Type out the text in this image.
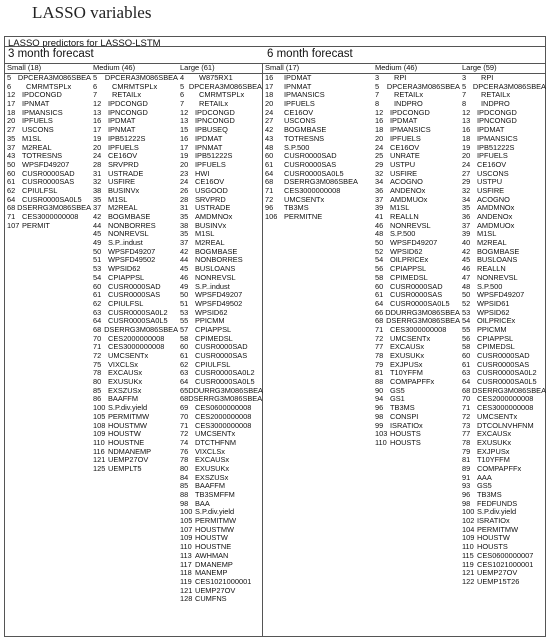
LASSO variables
LASSO predictors for LASSO-LSTM
3 month forecast	6 month forecast
Small (18)
5 DPCERA3M086SBEA
6	CMRMTSPLx
12 IPDCONGD
17 IPNMAT
18 IPMANSICS
20 IPFUELS
27 USCONS
35 M1SL
37 M2REAL
43 TOTRESNS
50 WPSFD49207
60 CUSR0000SAD
61 CUSR0000SAS
62 CPIULFSL
64 CUSR0000SA0L5
68 DSERRG3M086SBEA
71 CES3000000008
107 PERMIT
Medium (46)
5	DPCERA3M086SBEA
6	CMRMTSPLx
7	RETAILx
12 IPDCONGD
13 IPNCONGD
16 IPDMAT
17 IPNMAT
19 IPB51222S
20 IPFUELS
24 CE16OV
28 SRVPRD
31 USTRADE
32 USFIRE
38 BUSINVx
35 M1SL
37 M2REAL
42 BOGMBASE
44 NONBORRES
45 NONREVSL
49 S.P..indust
50 WPSFD49207
51 WPSFD49502
53 WPSID62
54 CPIAPPSL
60 CUSR0000SAD
61 CUSR0000SAS
62 CPIULFSL
63 CUSR0000SA0L2
64 CUSR0000SA0L5
68 DSERRG3M086SBEA
70 CES2000000008
71 CES3000000008
72 UMCSENTx
75 VIXCLSx
78 EXCAUSx
80 EXUSUKx
85 EXSZUSx
86 BAAFFM
100 S.P.div.yield
105 PERMITMW
108 HOUSTMW
109 HOUSTW
110 HOUSTNE
116 NDMANEMP
121 UEMP27OV
125 UEMPLT5
Large (61)
4	W875RX1
5 DPCERA3M086SBEA
6	CMRMTSPLx
7	RETAILx
12 IPDCONGD
13 IPNCONGD
15 IPBUSEQ
16 IPDMAT
17 IPNMAT
19 IPB51222S
20 IPFUELS
23 HWI
24 CE16OV
26 USGOOD
28 SRVPRD
31 USTRADE
35 AMDMNOx
38 BUSINVx
35 M1SL
37 M2REAL
42 BOGMBASE
44 NONBORRES
45 BUSLOANS
46 NONREVSL
49 S.P..indust
50 WPSFD49207
51 WPSFD49502
53 WPSID62
55 PPICMM
57 CPIAPPSL
58 CPIMEDSL
60 CUSR0000SAD
61 CUSR0000SAS
62 CPIULFSL
63 CUSR0000SA0L2
64 CUSR0000SA0L5
65 DDURRG3M086SBEA
68 DSERRG3M086SBEA
69 CES0600000008
70 CES2000000008
71 CES3000000008
72 UMCSENTx
74 DTCTHFNM
76 VIXCLSx
78 EXCAUSx
80 EXUSUKx
84 EXSZUSx
85 BAAFFM
88 TB3SMFFM
98 BAA
100 S.P.div.yield
105 PERMITMW
107 HOUSTMW
109 HOUSTW
110 HOUSTNE
113 AWHMAN
117 DMANEMP
118 MANEMP
119 CES1021000001
121 UEMP27OV
128 CUMFNS
Small (17)
16	IPDMAT
17	IPNMAT
18	IPMANSICS
20	IPFUELS
24	CE16OV
27	USCONS
42	BOGMBASE
43	TOTRESNS
48	S.P.500
60	CUSR0000SAD
61	CUSR0000SAS
64	CUSR0000SA0L5
68	DSERRG3M086SBEA
71	CES3000000008
72	UMCSENTx
96	TB3MS
106 PERMITNE
Medium (46)
3	RPI
5	DPCERA3M086SBEA
7	RETAILx
8	INDPRO
12 IPDCONGD
16 IPDMAT
18 IPMANSICS
20 IPFUELS
24 CE16OV
25 UNRATE
29 USTPU
32 USFIRE
34 ACOGNO
36 ANDENOx
37 AMDMUOx
39 M1SL
41 REALLN
46 NONREVSL
48 S.P.500
50 WPSFD49207
52 WPSID62
54 OILPRICEx
56 CPIAPPSL
58 CPIMEDSL
60 CUSR0000SAD
61 CUSR0000SAS
64 CUSR0000SA0L5
66 DDURRG3M086SBEA
68 DSERRG3M086SBEA
71 CES3000000008
72 UMCSENTx
77 EXCAUSx
78 EXUSUKx
79 EXJPUSx
81 T10YFFM
88 COMPAPFFx
90 GS5
94 GS1
96 TB3MS
98 CONSPI
99 ISRATIOx
103 HOUSTS
110 HOUSTS
Large (59)
3	RPI
5 DPCERA3M086SBEA
7	RETAILx
8	INDPRO
12 IPDCONGD
13 IPNCONGD
16 IPDMAT
18 IPMANSICS
19 IPB51222S
20 IPFUELS
24 CE16OV
27 USCONS
29 USTPU
32 USFIRE
34 ACOGNO
35 AMDMNOx
36 ANDENOx
37 AMDMUOx
39 M1SL
40 M2REAL
42 BOGMBASE
45 BUSLOANS
46 REALLN
47 NONREVSL
48 S.P.500
50 WPSFD49207
52 WPSID61
53 WPSID62
54 OILPRICEx
55 PPICMM
56 CPIAPPSL
58 CPIMEDSL
60 CUSR0000SAD
61 CUSR0000SAS
63 CUSR0000SA0L2
64 CUSR0000SA0L5
68 DSERRG3M086SBEA
70 CES2000000008
71 CES3000000008
72 UMCSENTx
73 DTCOLNVHFNM
77 EXCAUSx
78 EXUSUKx
79 EXJPUSx
81 T10YFFM
89 COMPAPFFx
91 AAA
93 GS5
96 TB3MS
98 FEDFUNDS
100 S.P.div.yield
102 ISRATIOx
104 PERMITMW
109 HOUSTW
110 HOUSTS
115 CES0600000007
119 CES1021000001
121 UEMP27OV
122 UEMP15T26
